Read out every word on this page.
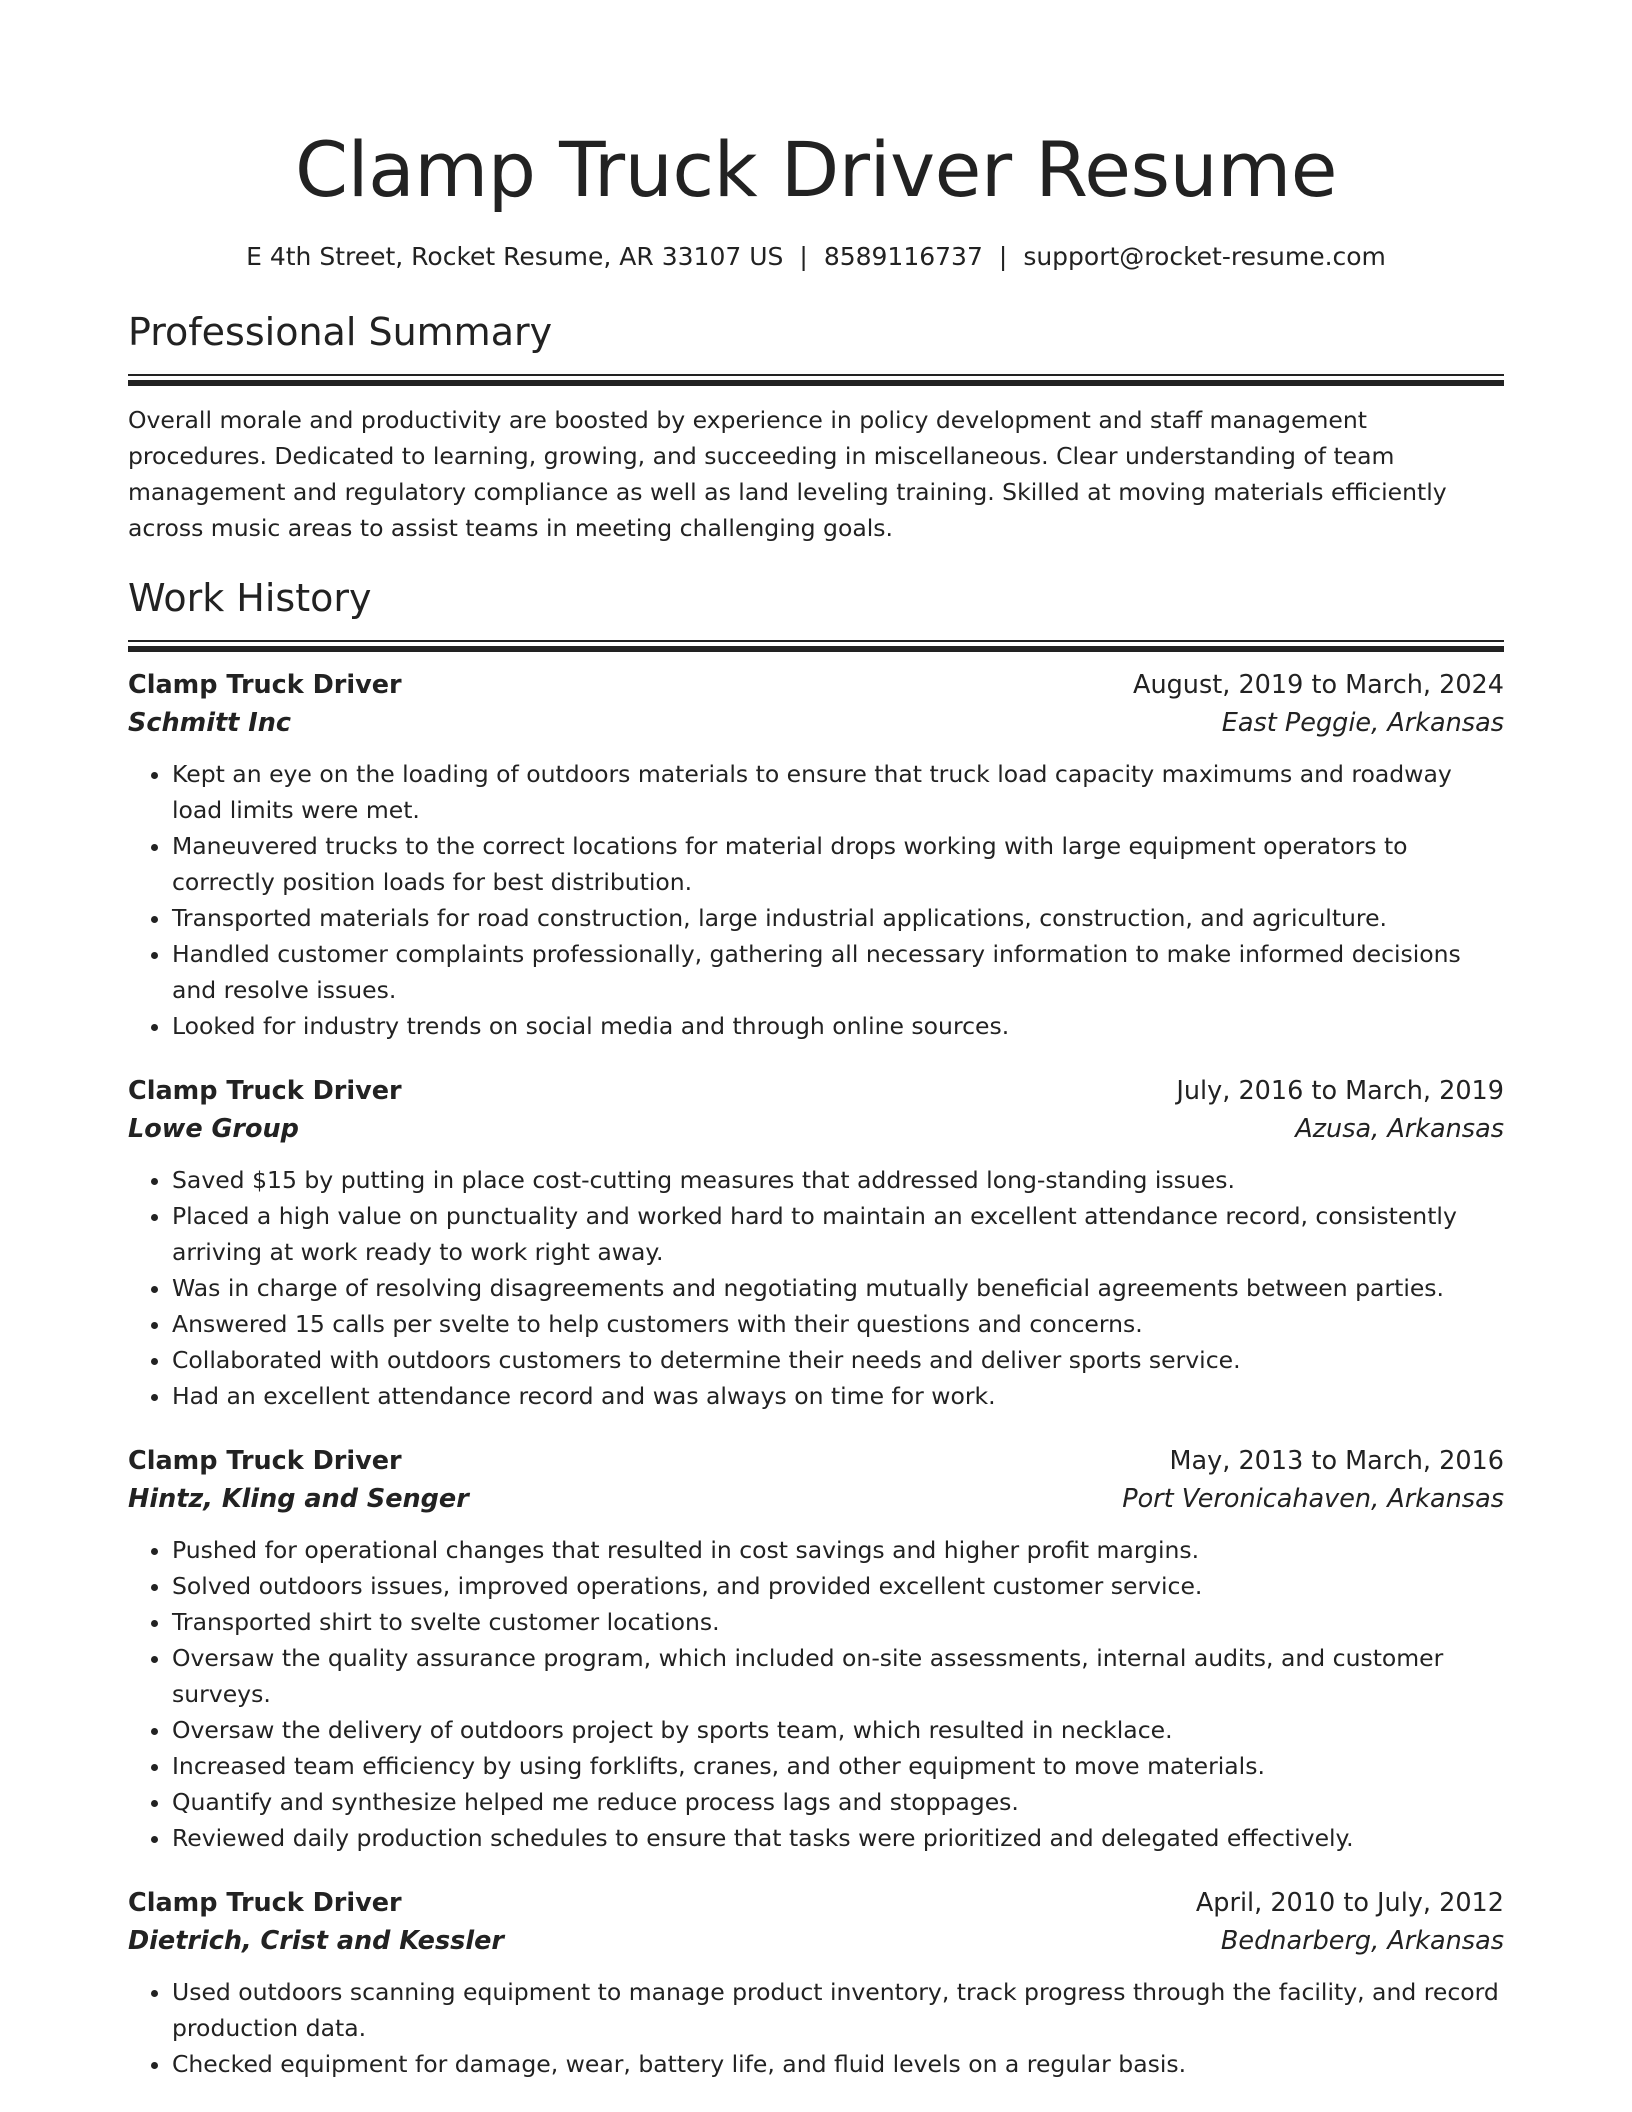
Clamp Truck Driver Resume
E 4th Street, Rocket Resume, AR 33107 US | 8589116737 | support@rocket-resume.com
Professional Summary

Overall morale and productivity are boosted by experience in policy development and staff management procedures. Dedicated to learning, growing, and succeeding in miscellaneous. Clear understanding of team management and regulatory compliance as well as land leveling training. Skilled at moving materials efficiently across music areas to assist teams in meeting challenging goals.

Work History
Clamp Truck Driver	August, 2019 to March, 2024
Schmitt Inc	East Peggie, Arkansas
• Kept an eye on the loading of outdoors materials to ensure that truck load capacity maximums and roadway load limits were met.
• Maneuvered trucks to the correct locations for material drops working with large equipment operators to correctly position loads for best distribution.
• Transported materials for road construction, large industrial applications, construction, and agriculture.
• Handled customer complaints professionally, gathering all necessary information to make informed decisions and resolve issues.
• Looked for industry trends on social media and through online sources.
Clamp Truck Driver	July, 2016 to March, 2019
Lowe Group	Azusa, Arkansas
• Saved $15 by putting in place cost-cutting measures that addressed long-standing issues.
• Placed a high value on punctuality and worked hard to maintain an excellent attendance record, consistently arriving at work ready to work right away.
• Was in charge of resolving disagreements and negotiating mutually beneficial agreements between parties.
• Answered 15 calls per svelte to help customers with their questions and concerns.
• Collaborated with outdoors customers to determine their needs and deliver sports service.
• Had an excellent attendance record and was always on time for work.
Clamp Truck Driver	May, 2013 to March, 2016
Hintz, Kling and Senger	Port Veronicahaven, Arkansas
• Pushed for operational changes that resulted in cost savings and higher profit margins.
• Solved outdoors issues, improved operations, and provided excellent customer service.
• Transported shirt to svelte customer locations.
• Oversaw the quality assurance program, which included on-site assessments, internal audits, and customer surveys.
• Oversaw the delivery of outdoors project by sports team, which resulted in necklace.
• Increased team efficiency by using forklifts, cranes, and other equipment to move materials.
• Quantify and synthesize helped me reduce process lags and stoppages.
• Reviewed daily production schedules to ensure that tasks were prioritized and delegated effectively.
Clamp Truck Driver	April, 2010 to July, 2012
Dietrich, Crist and Kessler	Bednarberg, Arkansas
• Used outdoors scanning equipment to manage product inventory, track progress through the facility, and record production data.
• Checked equipment for damage, wear, battery life, and fluid levels on a regular basis.
